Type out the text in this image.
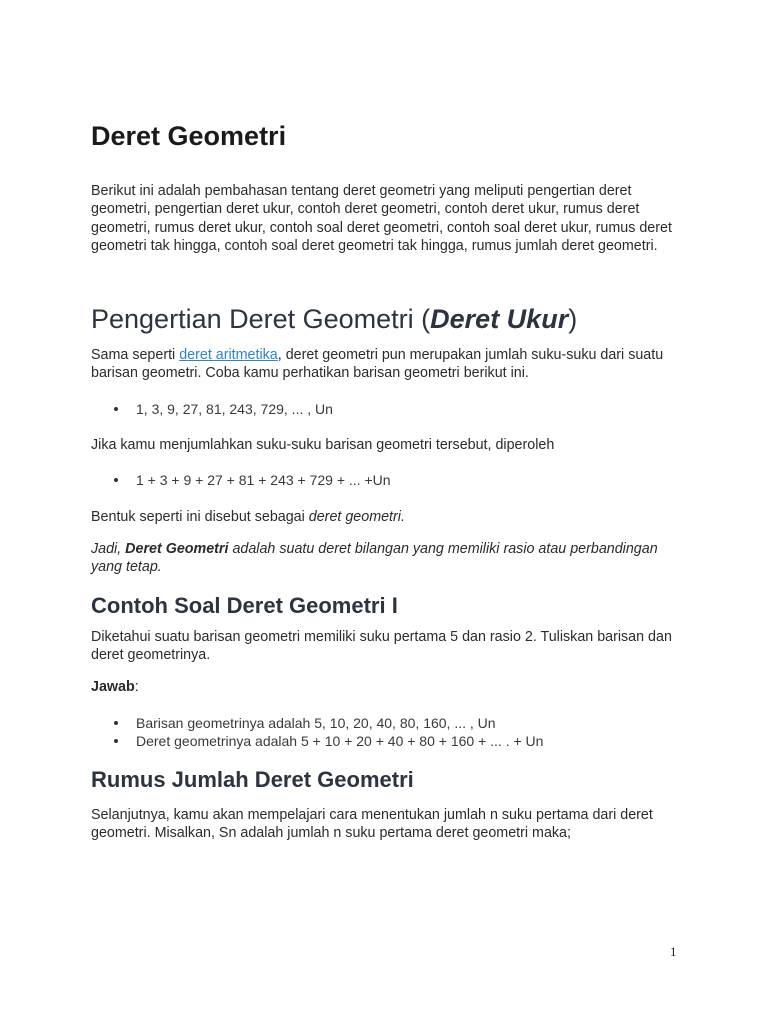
Deret Geometri

Berikut ini adalah pembahasan tentang deret geometri yang meliputi pengertian deret geometri, pengertian deret ukur, contoh deret geometri, contoh deret ukur, rumus deret geometri, rumus deret ukur, contoh soal deret geometri, contoh soal deret ukur, rumus deret geometri tak hingga, contoh soal deret geometri tak hingga, rumus jumlah deret geometri.

Pengertian Deret Geometri (Deret Ukur)

Sama seperti deret aritmetika, deret geometri pun merupakan jumlah suku-suku dari suatu barisan geometri. Coba kamu perhatikan barisan geometri berikut ini.

1, 3, 9, 27, 81, 243, 729, ... , Un

Jika kamu menjumlahkan suku-suku barisan geometri tersebut, diperoleh

1 + 3 + 9 + 27 + 81 + 243 + 729 + ... +Un

Bentuk seperti ini disebut sebagai deret geometri.

Jadi, Deret Geometri adalah suatu deret bilangan yang memiliki rasio atau perbandingan yang tetap.

Contoh Soal Deret Geometri I

Diketahui suatu barisan geometri memiliki suku pertama 5 dan rasio 2. Tuliskan barisan dan deret geometrinya.

Jawab:

Barisan geometrinya adalah 5, 10, 20, 40, 80, 160, ... , Un
Deret geometrinya adalah 5 + 10 + 20 + 40 + 80 + 160 + ... . + Un
Rumus Jumlah Deret Geometri

Selanjutnya, kamu akan mempelajari cara menentukan jumlah n suku pertama dari deret geometri. Misalkan, Sn adalah jumlah n suku pertama deret geometri maka;

1
